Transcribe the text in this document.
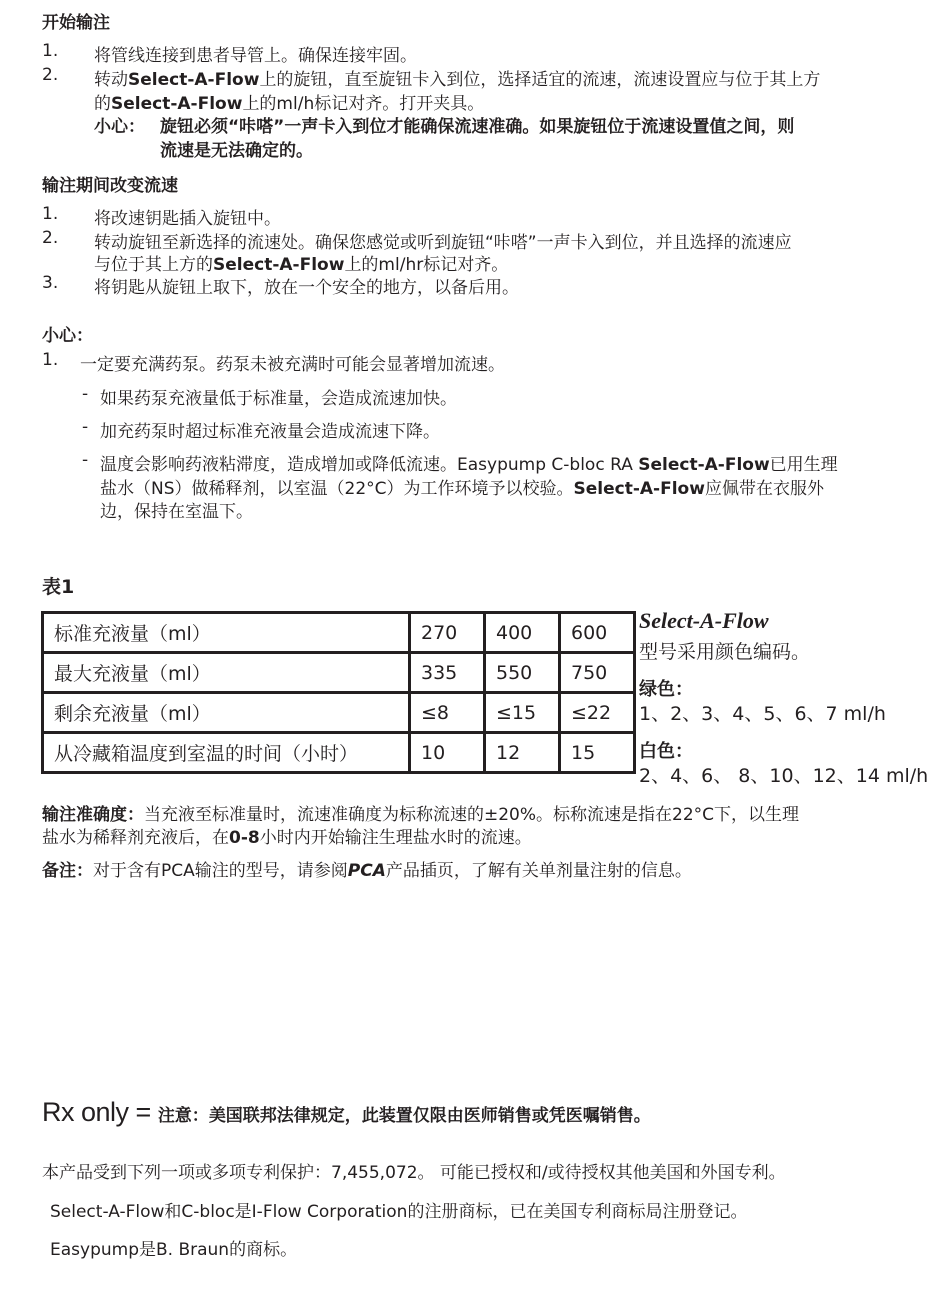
开始输注
1. 将管线连接到患者导管上。确保连接牢固。
2. 转动Select-A-Flow上的旋钮，直至旋钮卡入到位，选择适宜的流速，流速设置应与位于其上方
的Select-A-Flow上的ml/h标记对齐。打开夹具。
小心： 旋钮必须“咔嗒”一声卡入到位才能确保流速准确。如果旋钮位于流速设置值之间，则
流速是无法确定的。
输注期间改变流速
1. 将改速钥匙插入旋钮中。
2. 转动旋钮至新选择的流速处。确保您感觉或听到旋钮“咔嗒”一声卡入到位，并且选择的流速应
与位于其上方的Select-A-Flow上的ml/hr标记对齐。
3. 将钥匙从旋钮上取下，放在一个安全的地方，以备后用。
小心：
1. 一定要充满药泵。药泵未被充满时可能会显著增加流速。
- 如果药泵充液量低于标准量，会造成流速加快。
- 加充药泵时超过标准充液量会造成流速下降。
- 温度会影响药液粘滞度，造成增加或降低流速。Easypump C-bloc RA Select-A-Flow已用生理
盐水（NS）做稀释剂，以室温（22°C）为工作环境予以校验。Select-A-Flow应佩带在衣服外
边，保持在室温下。
表1
标准充液量（ml）	270	400	600
最大充液量（ml）	335	550	750
剩余充液量（ml）	≤8	≤15	≤22
从冷藏箱温度到室温的时间（小时）	10	12	15
Select-A-Flow
型号采用颜色编码。
绿色：
1、2、3、4、5、6、7 ml/h
白色：
2、4、6、 8、10、12、14 ml/h
输注准确度：当充液至标准量时，流速准确度为标称流速的±20%。标称流速是指在22°C下，以生理
盐水为稀释剂充液后，在0-8小时内开始输注生理盐水时的流速。
备注：对于含有PCA输注的型号，请参阅PCA产品插页，了解有关单剂量注射的信息。
Rx only = 注意：美国联邦法律规定，此装置仅限由医师销售或凭医嘱销售。
本产品受到下列一项或多项专利保护：7,455,072。 可能已授权和/或待授权其他美国和外国专利。
Select-A-Flow和C-bloc是I-Flow Corporation的注册商标，已在美国专利商标局注册登记。
Easypump是B. Braun的商标。
